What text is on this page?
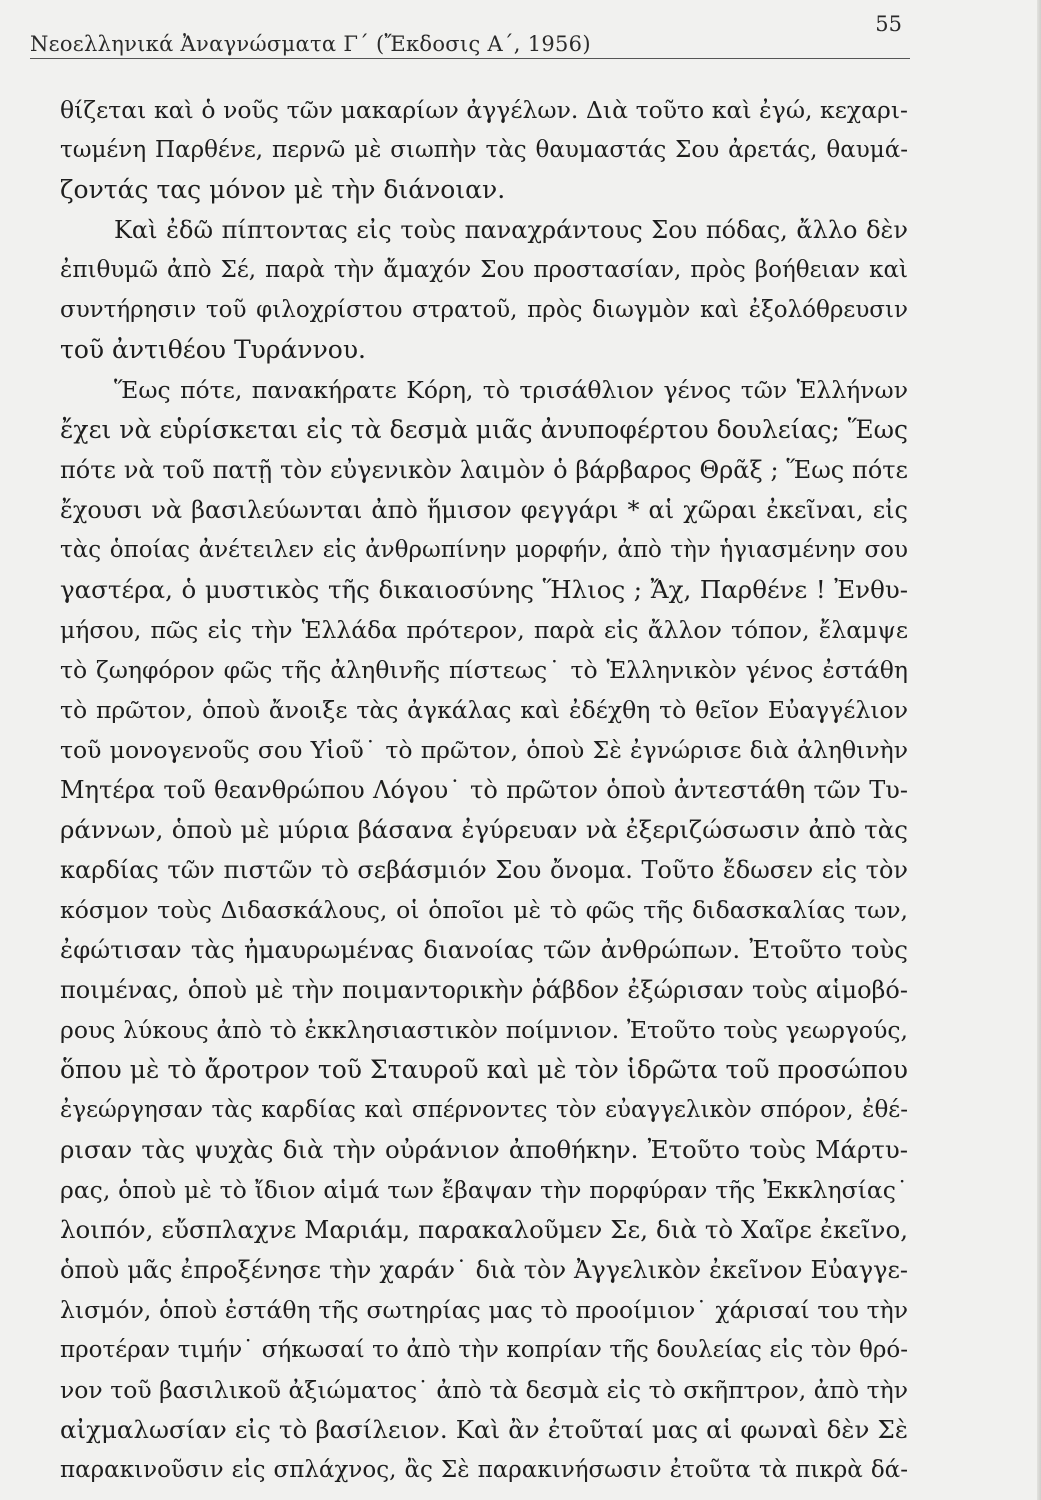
Νεοελληνικά Ἀναγνώσματα Γ΄ (Ἔκδοσις Α΄, 1956)
55
θίζεται καὶ ὁ νοῦς τῶν μακαρίων ἀγγέλων. Διὰ τοῦτο καὶ ἐγώ, κεχαρι-
τωμένη Παρθένε, περνῶ μὲ σιωπὴν τὰς θαυμαστάς Σου ἀρετάς, θαυμά-
ζοντάς τας μόνον μὲ τὴν διάνοιαν.
Καὶ ἐδῶ πίπτοντας εἰς τοὺς παναχράντους Σου πόδας, ἄλλο δὲν
ἐπιθυμῶ ἀπὸ Σέ, παρὰ τὴν ἄμαχόν Σου προστασίαν, πρὸς βοήθειαν καὶ
συντήρησιν τοῦ φιλοχρίστου στρατοῦ, πρὸς διωγμὸν καὶ ἐξολόθρευσιν
τοῦ ἀντιθέου Τυράννου.
Ἕως πότε, πανακήρατε Κόρη, τὸ τρισάθλιον γένος τῶν Ἑλλήνων
ἔχει νὰ εὑρίσκεται εἰς τὰ δεσμὰ μιᾶς ἀνυποφέρτου δουλείας; Ἕως
πότε νὰ τοῦ πατῇ τὸν εὐγενικὸν λαιμὸν ὁ βάρβαρος Θρᾶξ ; Ἕως πότε
ἔχουσι νὰ βασιλεύωνται ἀπὸ ἥμισον φεγγάρι * αἱ χῶραι ἐκεῖναι, εἰς
τὰς ὁποίας ἀνέτειλεν εἰς ἀνθρωπίνην μορφήν, ἀπὸ τὴν ἡγιασμένην σου
γαστέρα, ὁ μυστικὸς τῆς δικαιοσύνης Ἥλιος ; Ἄχ, Παρθένε ! Ἐνθυ-
μήσου, πῶς εἰς τὴν Ἑλλάδα πρότερον, παρὰ εἰς ἄλλον τόπον, ἔλαμψε
τὸ ζωηφόρον φῶς τῆς ἀληθινῆς πίστεως˙ τὸ Ἑλληνικὸν γένος ἐστάθη
τὸ πρῶτον, ὁποὺ ἄνοιξε τὰς ἀγκάλας καὶ ἐδέχθη τὸ θεῖον Εὐαγγέλιον
τοῦ μονογενοῦς σου Υἱοῦ˙ τὸ πρῶτον, ὁποὺ Σὲ ἐγνώρισε διὰ ἀληθινὴν
Μητέρα τοῦ θεανθρώπου Λόγου˙ τὸ πρῶτον ὁποὺ ἀντεστάθη τῶν Τυ-
ράννων, ὁποὺ μὲ μύρια βάσανα ἐγύρευαν νὰ ἐξεριζώσωσιν ἀπὸ τὰς
καρδίας τῶν πιστῶν τὸ σεβάσμιόν Σου ὄνομα. Τοῦτο ἔδωσεν εἰς τὸν
κόσμον τοὺς Διδασκάλους, οἱ ὁποῖοι μὲ τὸ φῶς τῆς διδασκαλίας των,
ἐφώτισαν τὰς ἠμαυρωμένας διανοίας τῶν ἀνθρώπων. Ἐτοῦτο τοὺς
ποιμένας, ὁποὺ μὲ τὴν ποιμαντορικὴν ῥάβδον ἐξώρισαν τοὺς αἱμοβό-
ρους λύκους ἀπὸ τὸ ἐκκλησιαστικὸν ποίμνιον. Ἐτοῦτο τοὺς γεωργούς,
ὅπου μὲ τὸ ἄροτρον τοῦ Σταυροῦ καὶ μὲ τὸν ἱδρῶτα τοῦ προσώπου
ἐγεώργησαν τὰς καρδίας καὶ σπέρνοντες τὸν εὐαγγελικὸν σπόρον, ἐθέ-
ρισαν τὰς ψυχὰς διὰ τὴν οὐράνιον ἀποθήκην. Ἐτοῦτο τοὺς Μάρτυ-
ρας, ὁποὺ μὲ τὸ ἴδιον αἱμά των ἔβαψαν τὴν πορφύραν τῆς Ἐκκλησίας˙
λοιπόν, εὔσπλαχνε Μαριάμ, παρακαλοῦμεν Σε, διὰ τὸ Χαῖρε ἐκεῖνο,
ὁποὺ μᾶς ἐπροξένησε τὴν χαράν˙ διὰ τὸν Ἀγγελικὸν ἐκεῖνον Εὐαγγε-
λισμόν, ὁποὺ ἐστάθη τῆς σωτηρίας μας τὸ προοίμιον˙ χάρισαί του τὴν
προτέραν τιμήν˙ σήκωσαί το ἀπὸ τὴν κοπρίαν τῆς δουλείας εἰς τὸν θρό-
νον τοῦ βασιλικοῦ ἀξιώματος˙ ἀπὸ τὰ δεσμὰ εἰς τὸ σκῆπτρον, ἀπὸ τὴν
αἰχμαλωσίαν εἰς τὸ βασίλειον. Καὶ ἂν ἐτοῦταί μας αἱ φωναὶ δὲν Σὲ
παρακινοῦσιν εἰς σπλάχνος, ἂς Σὲ παρακινήσωσιν ἐτοῦτα τὰ πικρὰ δά-
